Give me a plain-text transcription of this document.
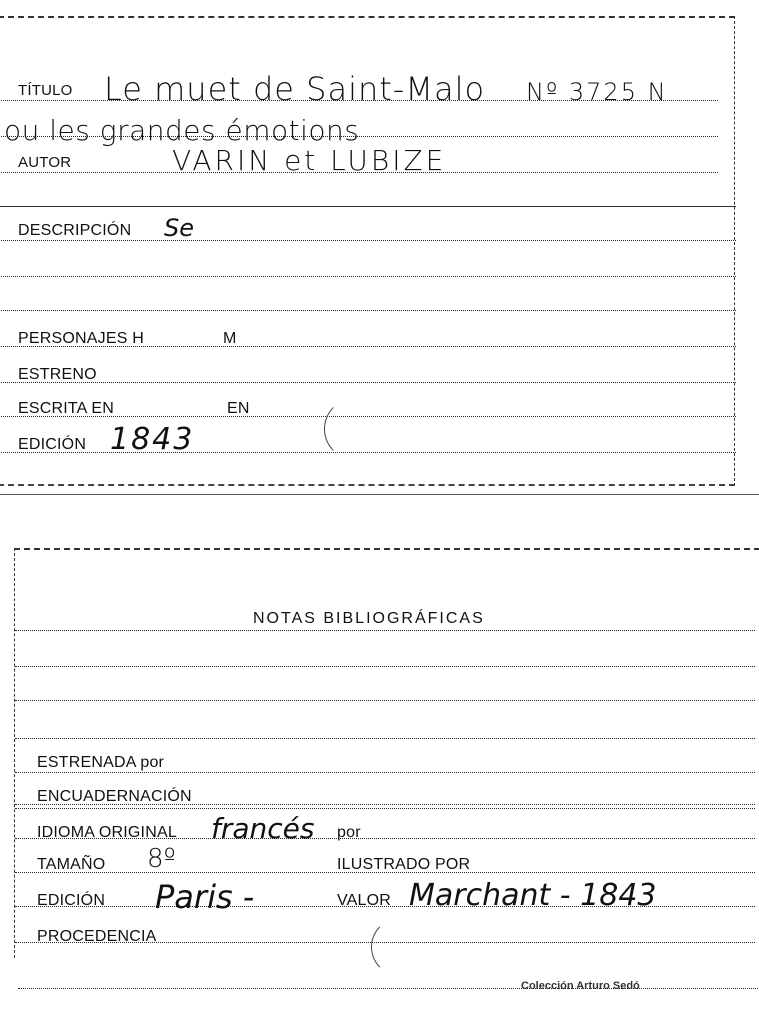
TÍTULO Le muet de Saint-Malo Nº 3725 N
ou les grandes émotions
AUTOR	VARIN et LUBIZE
DESCRIPCIÓN Se
PERSONAJES H	M
ESTRENO
ESCRITA EN	EN
EDICIÓN 1843
NOTAS BIBLIOGRÁFICAS
ESTRENADA por
ENCUADERNACIÓN
IDIOMA ORIGINAL francés por
TAMAÑO 8º	ILUSTRADO POR
EDICIÓN Paris -	VALOR Marchant - 1843
PROCEDENCIA
Colección Arturo Sedó
